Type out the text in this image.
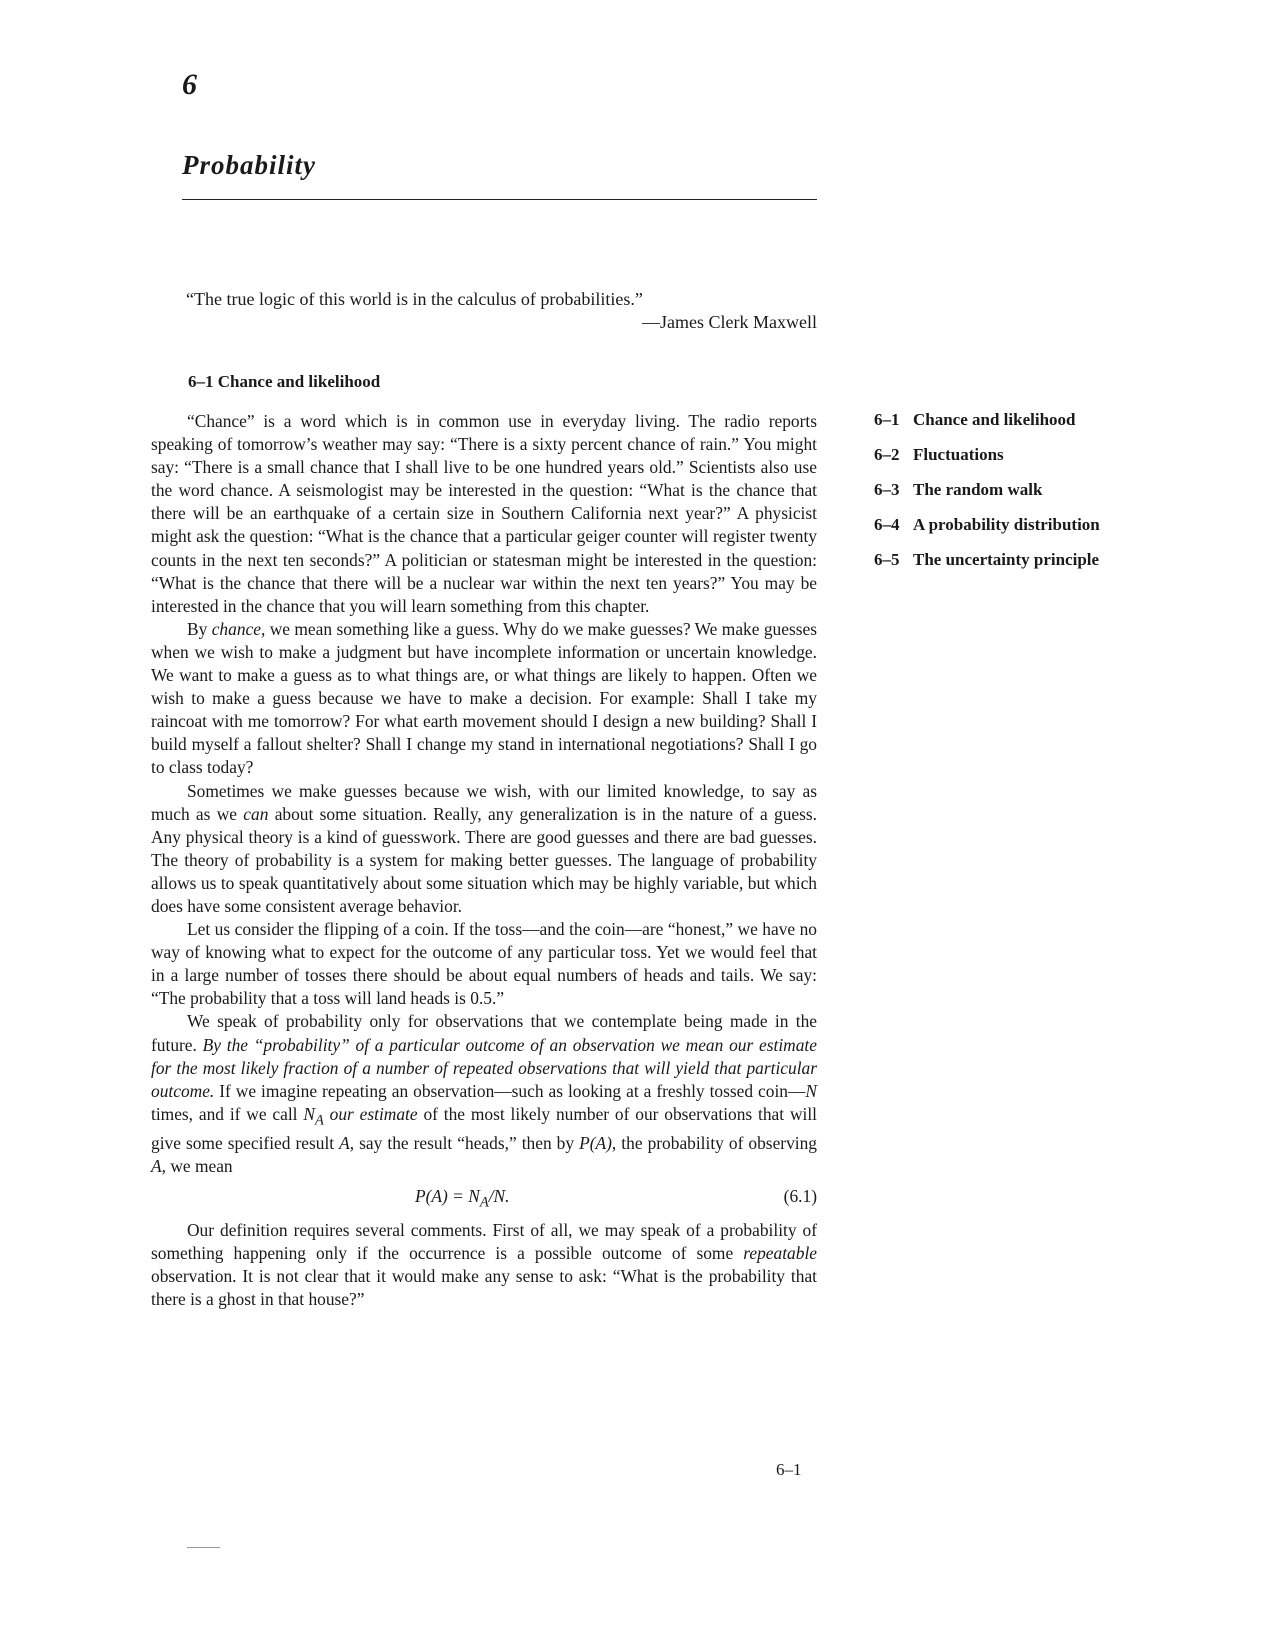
6
Probability
“The true logic of this world is in the calculus of probabilities.”
—James Clerk Maxwell
6–1 Chance and likelihood

“Chance” is a word which is in common use in everyday living. The radio reports speaking of tomorrow’s weather may say: “There is a sixty percent chance of rain.” You might say: “There is a small chance that I shall live to be one hundred years old.” Scientists also use the word chance. A seismologist may be interested in the question: “What is the chance that there will be an earthquake of a certain size in Southern California next year?” A physicist might ask the question: “What is the chance that a particular geiger counter will register twenty counts in the next ten seconds?” A politician or statesman might be interested in the question: “What is the chance that there will be a nuclear war within the next ten years?” You may be interested in the chance that you will learn something from this chapter.

By chance, we mean something like a guess. Why do we make guesses? We make guesses when we wish to make a judgment but have incomplete information or uncertain knowledge. We want to make a guess as to what things are, or what things are likely to happen. Often we wish to make a guess because we have to make a decision. For example: Shall I take my raincoat with me tomorrow? For what earth movement should I design a new building? Shall I build myself a fallout shelter? Shall I change my stand in international negotiations? Shall I go to class today?

Sometimes we make guesses because we wish, with our limited knowledge, to say as much as we can about some situation. Really, any generalization is in the nature of a guess. Any physical theory is a kind of guesswork. There are good guesses and there are bad guesses. The theory of probability is a system for making better guesses. The language of probability allows us to speak quantitatively about some situation which may be highly variable, but which does have some consistent average behavior.

Let us consider the flipping of a coin. If the toss—and the coin—are “honest,” we have no way of knowing what to expect for the outcome of any particular toss. Yet we would feel that in a large number of tosses there should be about equal numbers of heads and tails. We say: “The probability that a toss will land heads is 0.5.”

We speak of probability only for observations that we contemplate being made in the future. By the “probability” of a particular outcome of an observation we mean our estimate for the most likely fraction of a number of repeated observations that will yield that particular outcome. If we imagine repeating an observation—such as looking at a freshly tossed coin—N times, and if we call $N_A$ our estimate of the most likely number of our observations that will give some specified result A, say the result “heads,” then by P(A), the probability of observing A, we mean

$P(A) = N_A/N$.	(6.1)

Our definition requires several comments. First of all, we may speak of a probability of something happening only if the occurrence is a possible outcome of some repeatable observation. It is not clear that it would make any sense to ask: “What is the probability that there is a ghost in that house?”

6–1 Chance and likelihood
6–2 Fluctuations
6–3 The random walk
6–4 A probability distribution
6–5 The uncertainty principle
6–1
